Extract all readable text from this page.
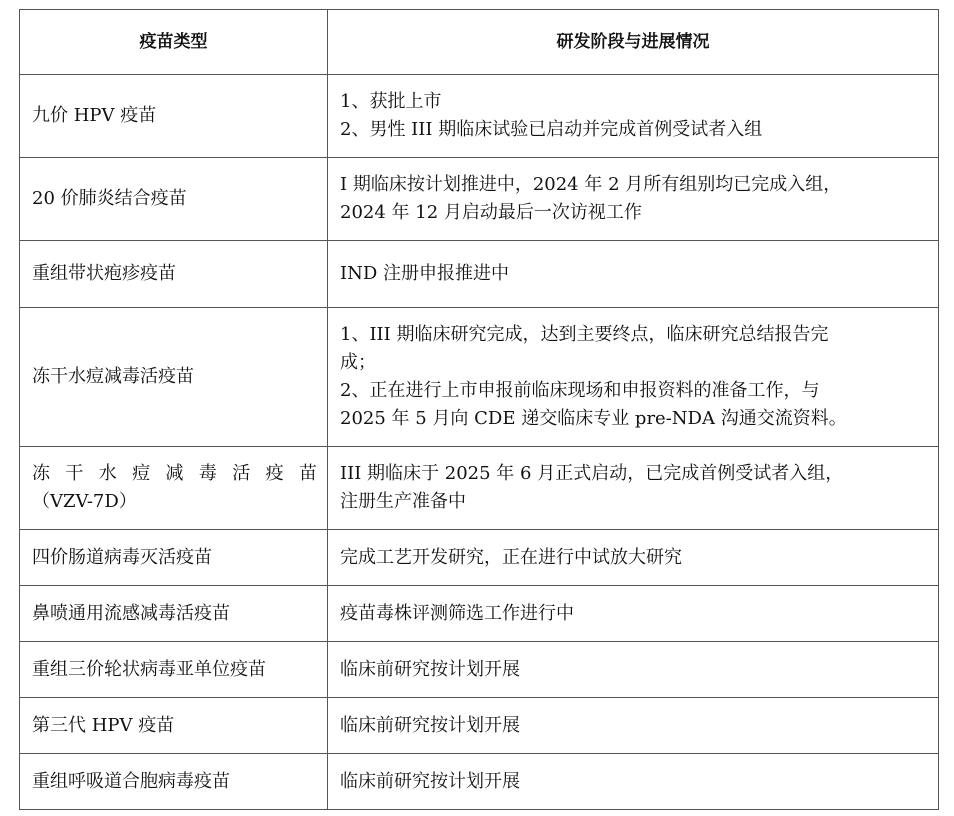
疫苗类型	研发阶段与进展情况

九价 HPV 疫苗	1、获批上市
2、男性 III 期临床试验已启动并完成首例受试者入组

20 价肺炎结合疫苗	I 期临床按计划推进中，2024 年 2 月所有组别均已完成入组，
2024 年 12 月启动最后一次访视工作

重组带状疱疹疫苗	IND 注册申报推进中

冻干水痘减毒活疫苗	1、III 期临床研究完成，达到主要终点，临床研究总结报告完
成；
2、正在进行上市申报前临床现场和申报资料的准备工作，与
2025 年 5 月向 CDE 递交临床专业 pre-NDA 沟通交流资料。

冻 干 水 痘 减 毒 活 疫 苗
（VZV-7D）	III 期临床于 2025 年 6 月正式启动，已完成首例受试者入组，
注册生产准备中

四价肠道病毒灭活疫苗	完成工艺开发研究，正在进行中试放大研究

鼻喷通用流感减毒活疫苗	疫苗毒株评测筛选工作进行中

重组三价轮状病毒亚单位疫苗	临床前研究按计划开展

第三代 HPV 疫苗	临床前研究按计划开展

重组呼吸道合胞病毒疫苗	临床前研究按计划开展
